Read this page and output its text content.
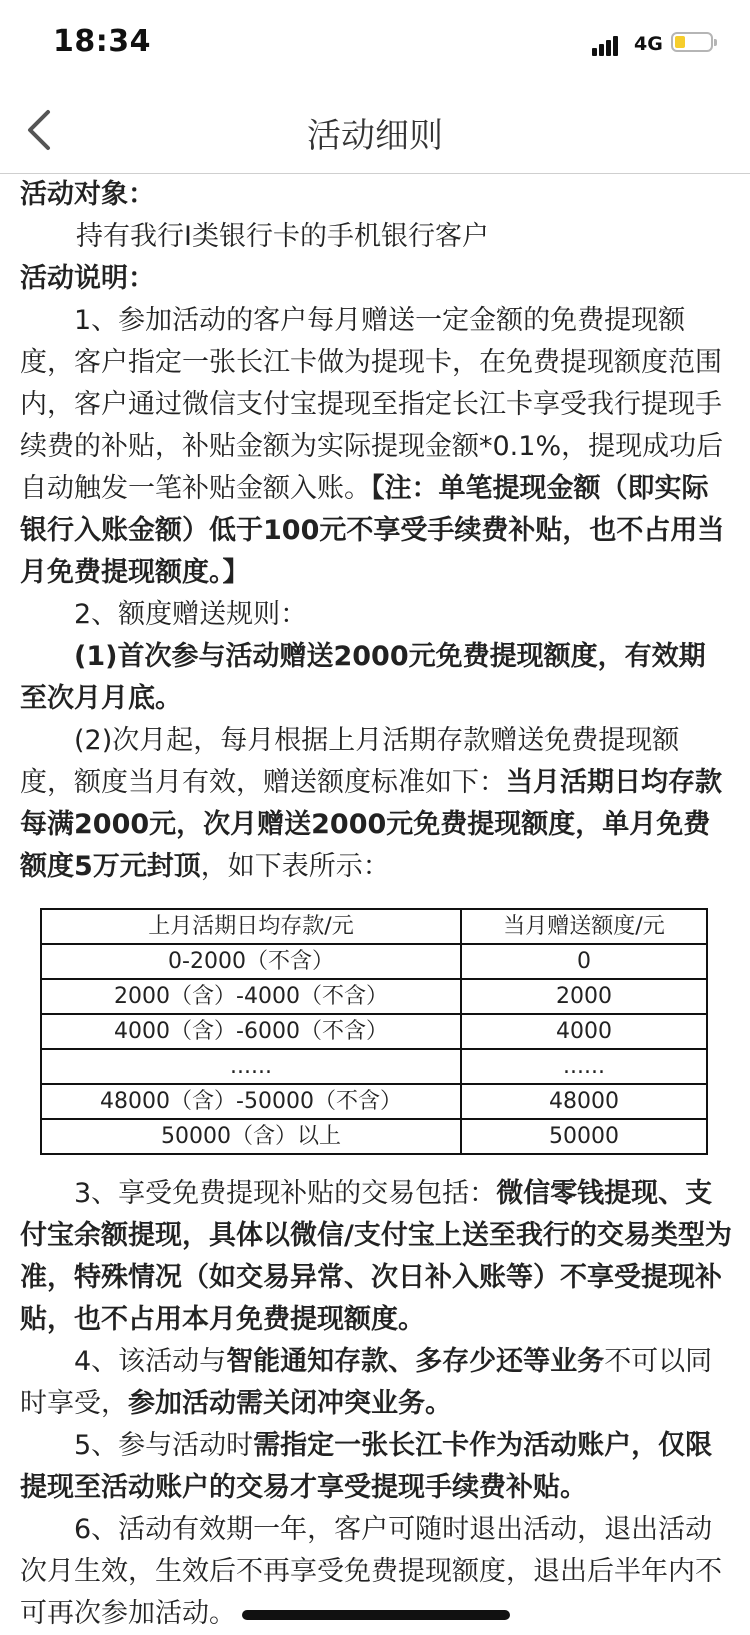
18:34	4G
活动细则

活动对象：

持有我行I类银行卡的手机银行客户

活动说明：

1、参加活动的客户每月赠送一定金额的免费提现额度，客户指定一张长江卡做为提现卡，在免费提现额度范围内，客户通过微信支付宝提现至指定长江卡享受我行提现手续费的补贴，补贴金额为实际提现金额*0.1%，提现成功后自动触发一笔补贴金额入账。【注：单笔提现金额（即实际银行入账金额）低于100元不享受手续费补贴，也不占用当月免费提现额度。】

2、额度赠送规则：

(1)首次参与活动赠送2000元免费提现额度，有效期至次月月底。

(2)次月起，每月根据上月活期存款赠送免费提现额度，额度当月有效，赠送额度标准如下：当月活期日均存款每满2000元，次月赠送2000元免费提现额度，单月免费额度5万元封顶，如下表所示：

上月活期日均存款/元	当月赠送额度/元
0-2000（不含）	0
2000（含）-4000（不含）	2000
4000（含）-6000（不含）	4000
......	......
48000（含）-50000（不含）	48000
50000（含）以上	50000

3、享受免费提现补贴的交易包括：微信零钱提现、支付宝余额提现，具体以微信/支付宝上送至我行的交易类型为准，特殊情况（如交易异常、次日补入账等）不享受提现补贴，也不占用本月免费提现额度。

4、该活动与智能通知存款、多存少还等业务不可以同时享受，参加活动需关闭冲突业务。

5、参与活动时需指定一张长江卡作为活动账户，仅限提现至活动账户的交易才享受提现手续费补贴。

6、活动有效期一年，客户可随时退出活动，退出活动次月生效，生效后不再享受免费提现额度，退出后半年内不可再次参加活动。
